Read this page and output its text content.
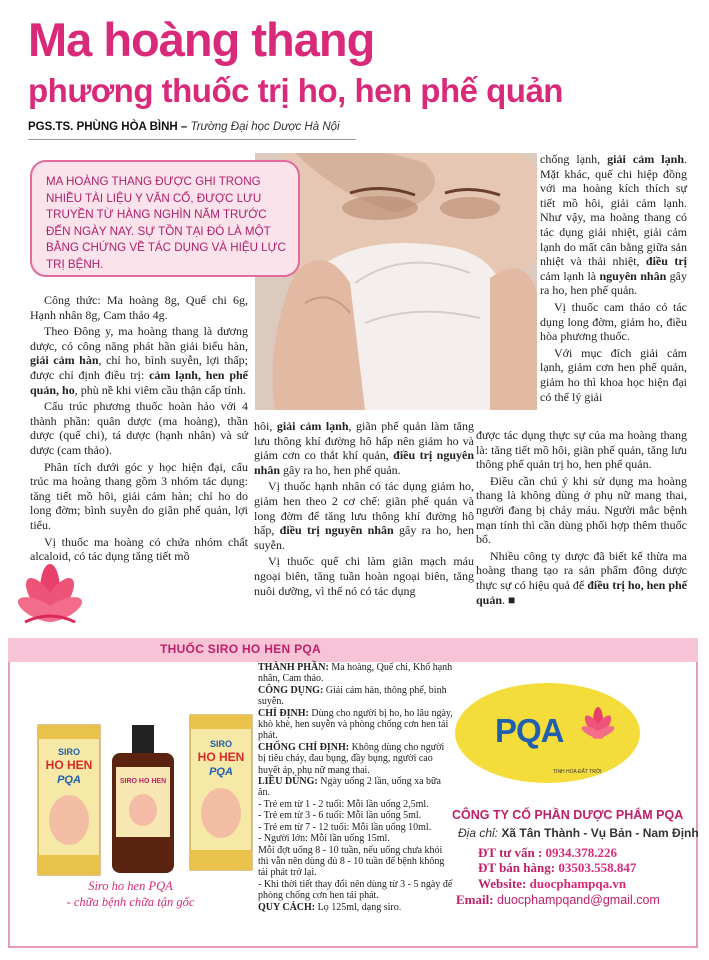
Ma hoàng thang
phương thuốc trị ho, hen phế quản
PGS.TS. PHÙNG HÒA BÌNH – Trường Đại học Dược Hà Nội
MA HOÀNG THANG ĐƯỢC GHI TRONG NHIỀU TÀI LIỆU Y VĂN CỔ, ĐƯỢC LƯU TRUYỀN TỪ HÀNG NGHÌN NĂM TRƯỚC ĐẾN NGÀY NAY. SỰ TỒN TẠI ĐÓ LÀ MỘT BẰNG CHỨNG VỀ TÁC DỤNG VÀ HIỆU LỰC TRỊ BỆNH.

Công thức: Ma hoàng 8g, Quế chi 6g, Hạnh nhân 8g, Cam thảo 4g.

Theo Đông y, ma hoàng thang là dương dược, có công năng phát hãn giải biểu hàn, giải cảm hàn, chỉ ho, bình suyễn, lợi thấp; được chỉ định điều trị: cảm lạnh, hen phế quản, ho, phù nề khi viêm cầu thận cấp tính.

Cấu trúc phương thuốc hoàn hảo với 4 thành phần: quân dược (ma hoàng), thần dược (quế chi), tá dược (hạnh nhân) và sứ dược (cam thảo).

Phân tích dưới góc y học hiện đại, cấu trúc ma hoàng thang gồm 3 nhóm tác dụng: tăng tiết mồ hôi, giải cảm hàn; chỉ ho do long đờm; bình suyễn do giãn phế quản, lợi tiểu.

Vị thuốc ma hoàng có chứa nhóm chất alcaloid, có tác dụng tăng tiết mồ

hôi, giải cảm lạnh, giãn phế quản làm tăng lưu thông khí đường hô hấp nên giảm ho và giảm cơn co thắt khí quản, điều trị nguyên nhân gây ra ho, hen phế quản.

Vị thuốc hạnh nhân có tác dụng giảm ho, giảm hen theo 2 cơ chế: giãn phế quản và long đờm để tăng lưu thông khí đường hô hấp, điều trị nguyên nhân gây ra ho, hen suyễn.

Vị thuốc quế chi làm giãn mạch máu ngoại biên, tăng tuần hoàn ngoại biên, tăng nuôi dưỡng, vì thế nó có tác dụng

chống lạnh, giải cảm lạnh. Mặt khác, quế chi hiệp đồng với ma hoàng kích thích sự tiết mồ hôi, giải cảm lạnh. Như vậy, ma hoàng thang có tác dụng giải nhiệt, giải cảm lạnh do mất cân bằng giữa sản nhiệt và thải nhiệt, điều trị cảm lạnh là nguyên nhân gây ra ho, hen phế quản.

Vị thuốc cam thảo có tác dụng long đờm, giảm ho, điều hòa phương thuốc.

Với mục đích giải cảm lạnh, giảm cơn hen phế quản, giảm ho thì khoa học hiện đại có thể lý giải

được tác dụng thực sự của ma hoàng thang là: tăng tiết mồ hôi, giãn phế quản, tăng lưu thông phế quản trị ho, hen phế quản.

Điều cần chú ý khi sử dụng ma hoàng thang là không dùng ở phụ nữ mang thai, người đang bị chảy máu. Người mắc bệnh mạn tính thì cần dùng phối hợp thêm thuốc bổ.

Nhiều công ty dược đã biết kế thừa ma hoàng thang tạo ra sản phẩm đông dược thực sự có hiệu quả để điều trị ho, hen phế quản. ■

THUỐC SIRO HO HEN PQA
SIRO
HO HEN
PQA
SIRO
HO HEN
PQA
SIRO HO HEN
Siro ho hen PQA
- chữa bệnh chữa tận gốc
THÀNH PHẦN: Ma hoàng, Quế chi, Khổ hạnh nhân, Cam thảo.
CÔNG DỤNG: Giải cảm hàn, thông phế, bình suyễn.
CHỈ ĐỊNH: Dùng cho người bị ho, ho lâu ngày, khò khè, hen suyễn và phòng chống cơn hen tái phát.
CHỐNG CHỈ ĐỊNH: Không dùng cho người bị tiêu chảy, đau bụng, đầy bụng, người cao huyết áp, phụ nữ mang thai.
LIỀU DÙNG: Ngày uống 2 lần, uống xa bữa ăn.
- Trẻ em từ 1 - 2 tuổi: Mỗi lần uống 2,5ml.
- Trẻ em từ 3 - 6 tuổi: Mỗi lần uống 5ml.
- Trẻ em từ 7 - 12 tuổi: Mỗi lần uống 10ml.
- Người lớn: Mỗi lần uống 15ml.
Mỗi đợt uống 8 - 10 tuần, nếu uống chưa khỏi thì vẫn nên dùng đủ 8 - 10 tuần để bệnh không tái phát trở lại.
- Khi thời tiết thay đổi nên dùng từ 3 - 5 ngày để phòng chống cơn hen tái phát.
QUY CÁCH: Lọ 125ml, dạng siro.
PQA
TINH HOA ĐẤT TRỜI
CÔNG TY CỔ PHẦN DƯỢC PHẨM PQA
Địa chỉ: Xã Tân Thành - Vụ Bản - Nam Định
ĐT tư vấn : 0934.378.226
ĐT bán hàng: 03503.558.847
Website: duocphampqa.vn
Email: duocphampqand@gmail.com
